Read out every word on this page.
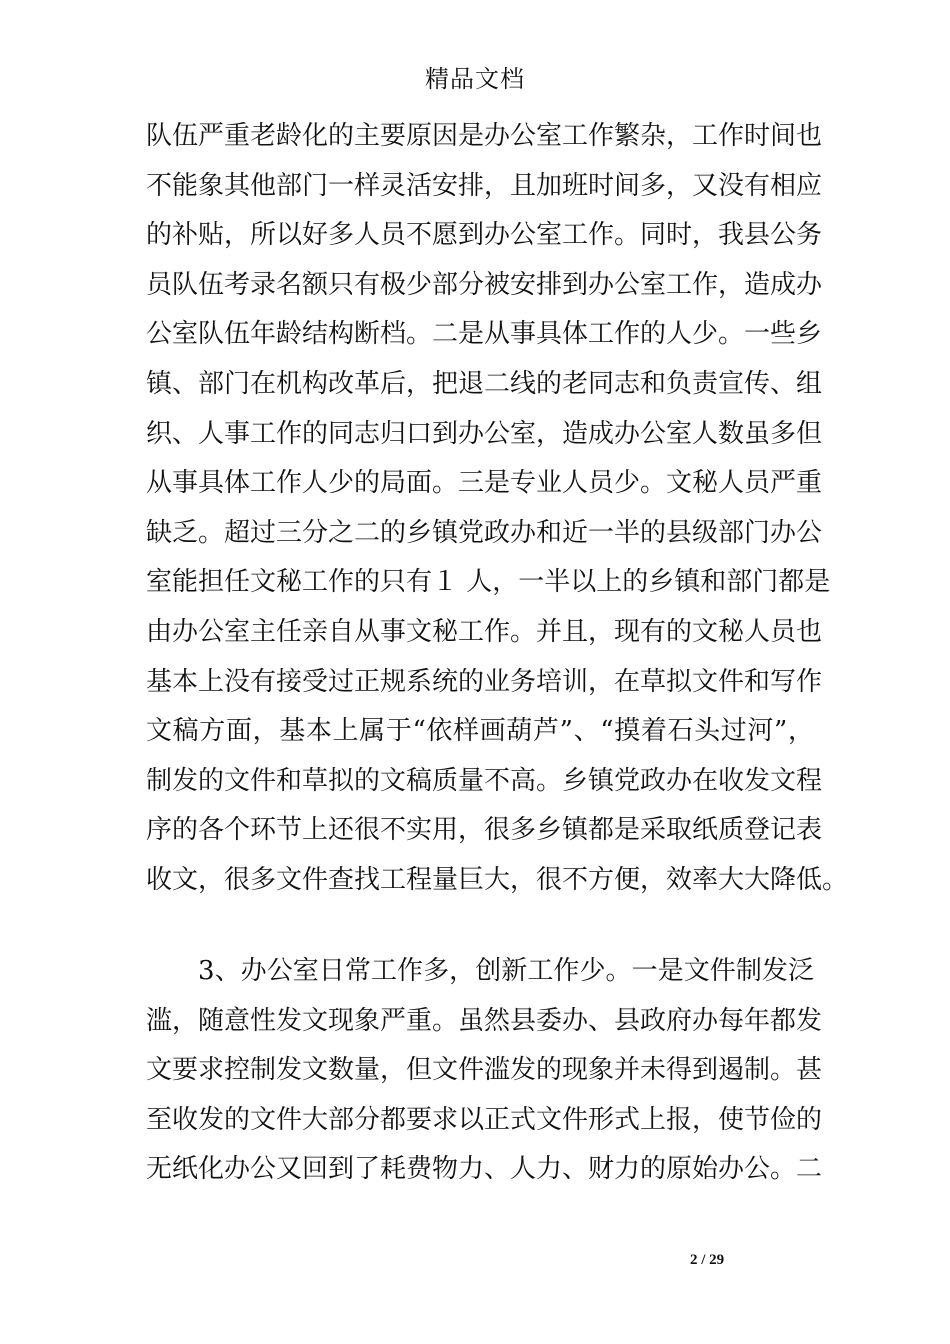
精品文档
队伍严重老龄化的主要原因是办公室工作繁杂，工作时间也
不能象其他部门一样灵活安排，且加班时间多，又没有相应
的补贴，所以好多人员不愿到办公室工作。同时，我县公务
员队伍考录名额只有极少部分被安排到办公室工作，造成办
公室队伍年龄结构断档。二是从事具体工作的人少。一些乡
镇、部门在机构改革后，把退二线的老同志和负责宣传、组
织、人事工作的同志归口到办公室，造成办公室人数虽多但
从事具体工作人少的局面。三是专业人员少。文秘人员严重
缺乏。超过三分之二的乡镇党政办和近一半的县级部门办公
室能担任文秘工作的只有１ 人，一半以上的乡镇和部门都是
由办公室主任亲自从事文秘工作。并且，现有的文秘人员也
基本上没有接受过正规系统的业务培训，在草拟文件和写作
文稿方面，基本上属于“依样画葫芦”、“摸着石头过河”，
制发的文件和草拟的文稿质量不高。乡镇党政办在收发文程
序的各个环节上还很不实用，很多乡镇都是采取纸质登记表
收文，很多文件查找工程量巨大，很不方便，效率大大降低。
3、办公室日常工作多，创新工作少。一是文件制发泛
滥，随意性发文现象严重。虽然县委办、县政府办每年都发
文要求控制发文数量，但文件滥发的现象并未得到遏制。甚
至收发的文件大部分都要求以正式文件形式上报，使节俭的
无纸化办公又回到了耗费物力、人力、财力的原始办公。二
2 / 29
